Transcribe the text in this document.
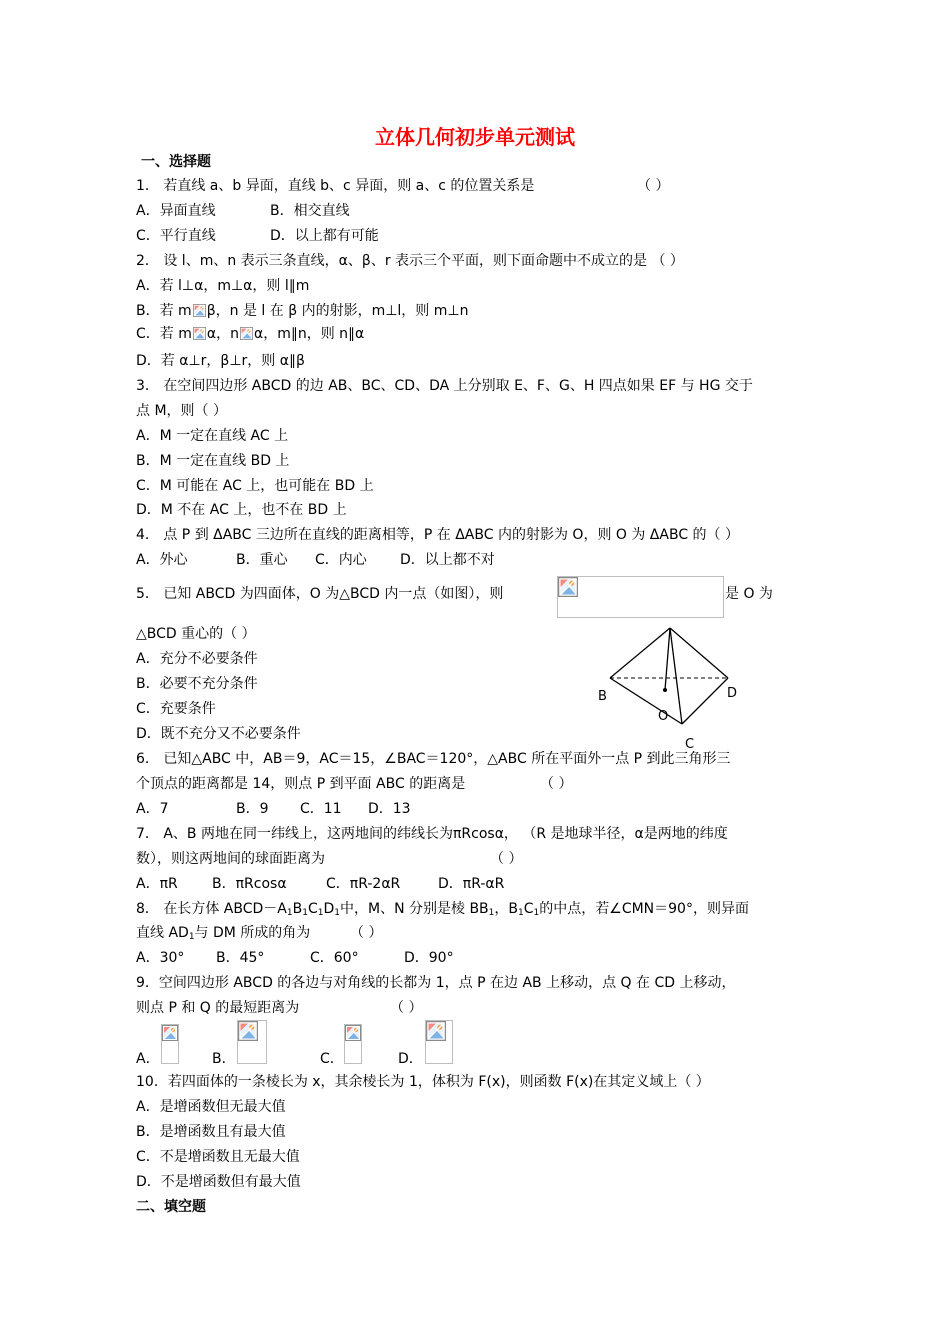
立体几何初步单元测试
一、选择题
1． 若直线 a、b 异面，直线 b、c 异面，则 a、c 的位置关系是	（ ）
A．异面直线	B．相交直线
C．平行直线	D．以上都有可能
2． 设 l、m、n 表示三条直线，α、β、r 表示三个平面，则下面命题中不成立的是 （ ）
A．若 l⊥α，m⊥α，则 l∥m
B．若 m β，n 是 l 在 β 内的射影，m⊥l，则 m⊥n
C．若 m α，n α，m∥n，则 n∥α
D．若 α⊥r，β⊥r，则 α∥β
3． 在空间四边形 ABCD 的边 AB、BC、CD、DA 上分别取 E、F、G、H 四点如果 EF 与 HG 交于
点 M，则（ ）
A．M 一定在直线 AC 上
B．M 一定在直线 BD 上
C．M 可能在 AC 上，也可能在 BD 上
D．M 不在 AC 上，也不在 BD 上
4． 点 P 到 ΔABC 三边所在直线的距离相等，P 在 ΔABC 内的射影为 O，则 O 为 ΔABC 的（ ）
A．外心	B．重心 C．内心 D．以上都不对
5． 已知 ABCD 为四面体，O 为△BCD 内一点（如图），则	是 O 为
△BCD 重心的（ ）
A．充分不必要条件
B．必要不充分条件
C．充要条件
D．既不充分又不必要条件
B	D
O
C
6． 已知△ABC 中，AB＝9，AC＝15，∠BAC＝120°，△ABC 所在平面外一点 P 到此三角形三
个顶点的距离都是 14，则点 P 到平面 ABC 的距离是	（ ）
A．7	B．9 C．11 D．13
7． A、B 两地在同一纬线上，这两地间的纬线长为πRcosα， （R 是地球半径，α是两地的纬度
数），则这两地间的球面距离为	（ ）
A．πR B．πRcosα	C．πR-2αR	D．πR-αR
8． 在长方体 $ABCD-A_1B_1C_1D_1$中，M、N 分别是棱 $BB_1$，$B_1C_1$的中点，若∠CMN＝90°，则异面
直线 $AD_1$与 DM 所成的角为	（ ）
A．30° B．45°	C．60°	D．90°
9．空间四边形 ABCD 的各边与对角线的长都为 1，点 P 在边 AB 上移动，点 Q 在 CD 上移动，
则点 P 和 Q 的最短距离为	（ ）
A．	B．	C．	D．
10．若四面体的一条棱长为 x，其余棱长为 1，体积为 F(x)，则函数 F(x)在其定义域上（ ）
A．是增函数但无最大值
B．是增函数且有最大值
C．不是增函数且无最大值
D．不是增函数但有最大值
二、填空题
